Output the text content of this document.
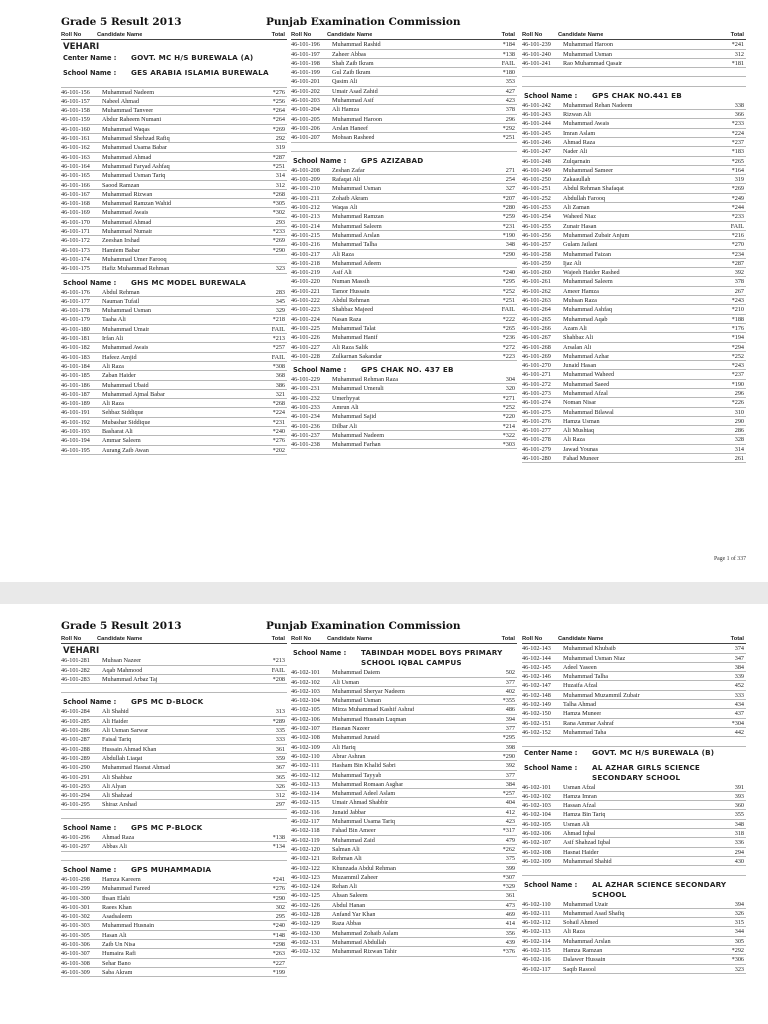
Grade 5 Result 2013	Punjab Examination Commission
Roll No	Candidate Name	Total
VEHARI
Center Name : GOVT. MC H/S BUREWALA (A)
School Name : GES ARABIA ISLAMIA BUREWALA
46-101-156 Muhammad Nadeem	*276
46-101-157 Nabeel Ahmad	*256
46-101-158 Muhammad Tanveer	*264
46-101-159 Abdur Raheem Numani	*264
46-101-160 Muhammad Waqas	*269
46-101-161 Muhammad Shehzad Rafiq	292
46-101-162 Muhammad Usama Babar	319
46-101-163 Muhammad Ahmad	*287
46-101-164 Muhammad Faryad Ashfaq	*251
46-101-165 Muhammad Usman Tariq	314
46-101-166 Saood Ramzan	312
46-101-167 Muhammad Rizwan	*268
46-101-168 Muhammad Ramzan Wahid	*305
46-101-169 Muhammad Awais	*302
46-101-170 Muhammad Ahmad	293
46-101-171 Muhammad Numair	*233
46-101-172 Zeeshan Irshad	*269
46-101-173 Hamiem Babar	*290
46-101-174 Muhammad Umer Farooq
46-101-175 Hafiz Muhammad Rehman	323
School Name : GHS MC MODEL BUREWALA
46-101-176 Abdul Rehman	283
46-101-177 Nauman Tufail	345
46-101-178 Muhammad Usman	329
46-101-179 Taaha Ali	*218
46-101-180 Muhammad Umair	FAIL
46-101-181 Irfan Ali	*213
46-101-182 Muhammad Awais	*257
46-101-183 Hafeez Amjid	FAIL
46-101-184 Ali Raza	*308
46-101-185 Zaban Haider	368
46-101-186 Muhammad Ubaid	386
46-101-187 Muhammad Ajmal Babar	321
46-101-189 Ali Raza	*268
46-101-191 Sehbaz Siddique	*224
46-101-192 Mubashar Siddique	*231
46-101-193 Basharat Ali	*240
46-101-194 Ammar Saleem	*276
46-101-195 Aurang Zaib Awan	*202
Roll No	Candidate Name	Total
46-101-196 Muhammad Rashid	*184
46-101-197 Zaheer Abbas	*138
46-101-198 Shah Zaib Ikram	FAIL
46-101-199 Gul Zaib Ikram	*180
46-101-201 Qasim Ali	353
46-101-202 Umair Asad Zahid	427
46-101-203 Muhammad Asif	423
46-101-204 Ali Hamza	378
46-101-205 Muhammad Haroon	296
46-101-206 Arslan Haneef	*292
46-101-207 Mohsan Rasheed	*251
School Name : GPS AZIZABAD
46-101-208 Zeshan Zafar	271
46-101-209 Rafaqat Ali	254
46-101-210 Muhammad Usman	327
46-101-211 Zohaib Akram	*207
46-101-212 Waqas Ali	*280
46-101-213 Muhammad Ramzan	*259
46-101-214 Muhammad Saleem	*231
46-101-215 Muhammad Arslan	*190
46-101-216 Muhammad Talha	348
46-101-217 Ali Raza	*290
46-101-218 Muhammad Adeem
46-101-219 Asif Ali	*240
46-101-220 Numan Massih	*295
46-101-221 Tamor Hussain	*252
46-101-222 Abdul Rehman	*251
46-101-223 Shahbaz Majeed	FAIL
46-101-224 Nasan Raza	*222
46-101-225 Muhammad Talat	*265
46-101-226 Muhammad Hanif	*236
46-101-227 Ali Raza Salik	*272
46-101-228 Zulkarnan Sakandar	*223
School Name : GPS CHAK NO. 437 EB
46-101-229 Muhammad Rehman Raza	304
46-101-231 Muhammad Umerali	320
46-101-232 Umerhyyat	*271
46-101-233 Amrun Ali	*252
46-101-234 Muhammad Sajid	*220
46-101-236 Dilbar Ali	*214
46-101-237 Muhammad Nadeem	*322
46-101-238 Muhammad Farhan	*303
Roll No	Candidate Name	Total
46-101-239 Muhammad Haroon	*241
46-101-240 Muhammad Usman	312
46-101-241 Rao Muhammad Qasair	*181
School Name : GPS CHAK NO.441 EB
46-101-242 Muhammad Rehan Nadeem	338
46-101-243 Rizwan Ali	366
46-101-244 Muhammad Awais	*233
46-101-245 Imran Aslam	*224
46-101-246 Ahmad Raza	*237
46-101-247 Nader Ali	*183
46-101-248 Zulqarnain	*265
46-101-249 Muhammad Sameer	*164
46-101-250 Zakaaullah	319
46-101-251 Abdul Rehman Shafaqat	*269
46-101-252 Abdullah Farooq	*249
46-101-253 Ali Zaman	*244
46-101-254 Waheed Niaz	*233
46-101-255 Zunair Hasan	FAIL
46-101-256 Muhammad Zubair Anjum	*216
46-101-257 Gulam Jailani	*270
46-101-258 Muhammad Faizan	*234
46-101-259 Ijaz Ali	*287
46-101-260 Wajeeh Haider Rashed	392
46-101-261 Muhammad Saleem	378
46-101-262 Ameer Hamza	267
46-101-263 Muhsan Raza	*243
46-101-264 Muhammad Ashfaq	*210
46-101-265 Muhammad Aqab	*188
46-101-266 Azam Ali	*176
46-101-267 Shahbaz Ali	*194
46-101-268 Arsalan Ali	*294
46-101-269 Muhammad Azhar	*252
46-101-270 Junaid Hasan	*243
46-101-271 Muhammad Waheed	*237
46-101-272 Muhammad Saeed	*190
46-101-273 Muhammad Afzal	296
46-101-274 Noman Nisar	*226
46-101-275 Muhammad Bilawal	310
46-101-276 Hamza Usman	290
46-101-277 Ali Mushtaq	286
46-101-278 Ali Raza	328
46-101-279 Jawad Younas	314
46-101-280 Fahad Muneer	261
Page 1 of 337
Grade 5 Result 2013	Punjab Examination Commission
Roll No	Candidate Name	Total
VEHARI
46-101-281 Muhsan Nazeer	*213
46-101-282 Aqab Mahmood	FAIL
46-101-283 Muhammad Arbaz Taj	*208
School Name : GPS MC D-BLOCK
46-101-284 Ali Shahid	313
46-101-285 Ali Haider	*289
46-101-286 Ali Usman Sarwar	335
46-101-287 Faisal Tariq	333
46-101-288 Hussain Ahmad Khan	361
46-101-289 Abdullah Liaqat	359
46-101-290 Muhammad Hasnat Ahmad	367
46-101-291 Ali Shahbaz	365
46-101-293 Ali Alyan	326
46-101-294 Ali Shahzad	312
46-101-295 Shiraz Arshad	297
School Name : GPS MC P-BLOCK
46-101-296 Ahmad Raza	*138
46-101-297 Abbas Ali	*134
School Name : GPS MUHAMMADIA
46-101-298 Hamza Kareem	*241
46-101-299 Muhammad Fareed	*276
46-101-300 Ihsan Elahi	*290
46-101-301 Raees Khan	302
46-101-302 Asadsaleem	295
46-101-303 Muhammad Husnain	*240
46-101-305 Hasan Ali	*148
46-101-306 Zaib Un Nisa	*298
46-101-307 Humaira Rafi	*263
46-101-308 Sehar Bano	*227
46-101-309 Saba Akram	*199
Roll No	Candidate Name	Total
School Name : TABINDAH MODEL BOYS PRIMARY SCHOOL IQBAL CAMPUS
46-102-101 Muhammad Daiem	502
46-102-102 Ali Usman	377
46-102-103 Muhammad Sheryar Nadeem	402
46-102-104 Muhammad Usman	*355
46-102-105 Mirza Muhammad Kashif Ashraf	486
46-102-106 Muhammad Husnain Luqman	394
46-102-107 Hasnan Nazeer	377
46-102-108 Muhammad Junaid	*295
46-102-109 Ali Hariq	398
46-102-110 Abrar Ashran	*290
46-102-111 Hasham Bin Khalid Sabri	392
46-102-112 Muhammad Tayyab	377
46-102-113 Muhammad Romaan Asghar	384
46-102-114 Muhammad Adeel Aslam	*257
46-102-115 Umair Ahmad Shabbir	404
46-102-116 Junaid Jabbar	412
46-102-117 Muhammad Usama Tariq	423
46-102-118 Fahad Bin Ameer	*317
46-102-119 Muhammad Zaid	479
46-102-120 Salman Ali	*262
46-102-121 Rehman Ali	375
46-102-122 Khunzada Abdul Rehman	399
46-102-123 Muzammil Zaheer	*307
46-102-124 Rehan Ali	*329
46-102-125 Ahsan Saleem	361
46-102-126 Abdul Hanan	473
46-102-128 Anfand Yar Khan	469
46-102-129 Raza Abbas	414
46-102-130 Muhammad Zohaib Aslam	356
46-102-131 Muhammad Abdullah	439
46-102-132 Muhammad Rizwan Tahir	*376
Roll No	Candidate Name	Total
46-102-143 Muhammad Khubaib	374
46-102-144 Muhammad Usman Niaz	347
46-102-145 Adeel Yaseen	384
46-102-146 Muhammad Talha	339
46-102-147 Huzaifa Afzal	452
46-102-148 Muhammad Muzammil Zubair	333
46-102-149 Talha Ahmad	434
46-102-150 Hamza Muneer	437
46-102-151 Rana Ammar Ashraf	*304
46-102-152 Muhammad Taha	442
Center Name : GOVT. MC H/S BUREWALA (B)
School Name : AL AZHAR GIRLS SCIENCE SECONDARY SCHOOL
46-102-101 Usman Afzal	391
46-102-102 Hamza Imran	393
46-102-103 Hassan Afzal	360
46-102-104 Hamza Bin Tariq	355
46-102-105 Usman Ali	348
46-102-106 Ahmad Iqbal	318
46-102-107 Asif Shahzad Iqbal	336
46-102-108 Hasnat Haider	294
46-102-109 Muhammad Shahid	430
School Name : AL AZHAR SCIENCE SECONDARY SCHOOL
46-102-110 Muhammad Uzair	394
46-102-111 Muhammad Asad Shafiq	326
46-102-112 Sohail Ahmed	315
46-102-113 Ali Raza	344
46-102-114 Muhammad Arslan	305
46-102-115 Hamza Ramzan	*292
46-102-116 Dalawer Hussain	*306
46-102-117 Saqib Rasool	323
